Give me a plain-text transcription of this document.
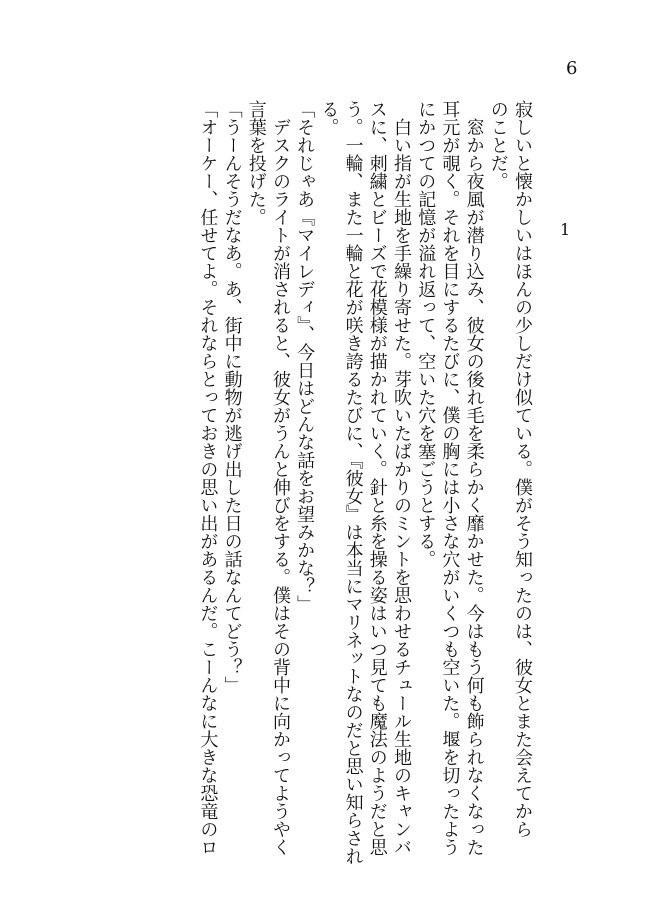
6
1

寂しいと懐かしいはほんの少しだけ似ている。僕がそう知ったのは、彼女とまた会えてから

のことだ。

　窓から夜風が潜り込み、彼女の後れ毛を柔らかく靡かせた。今はもう何も飾られなくなった

耳元が覗く。それを目にするたびに、僕の胸には小さな穴がいくつも空いた。堰を切ったよう

にかつての記憶が溢れ返って、空いた穴を塞ごうとする。

　白い指が生地を手繰り寄せた。芽吹いたばかりのミントを思わせるチュール生地のキャンバ

スに、刺繍とビーズで花模様が描かれていく。針と糸を操る姿はいつ見ても魔法のようだと思

う。一輪、また一輪と花が咲き誇るたびに、『彼女』は本当にマリネットなのだと思い知らされ

る。

「それじゃあ『マイレディ』、今日はどんな話をお望みかな？」

　デスクのライトが消されると、彼女がうんと伸びをする。僕はその背中に向かってようやく

言葉を投げた。

「うーんそうだなあ。あ、街中に動物が逃げ出した日の話なんてどう？」

「オーケー、任せてよ。それならとっておきの思い出があるんだ。こーんなに大きな恐竜のロ
